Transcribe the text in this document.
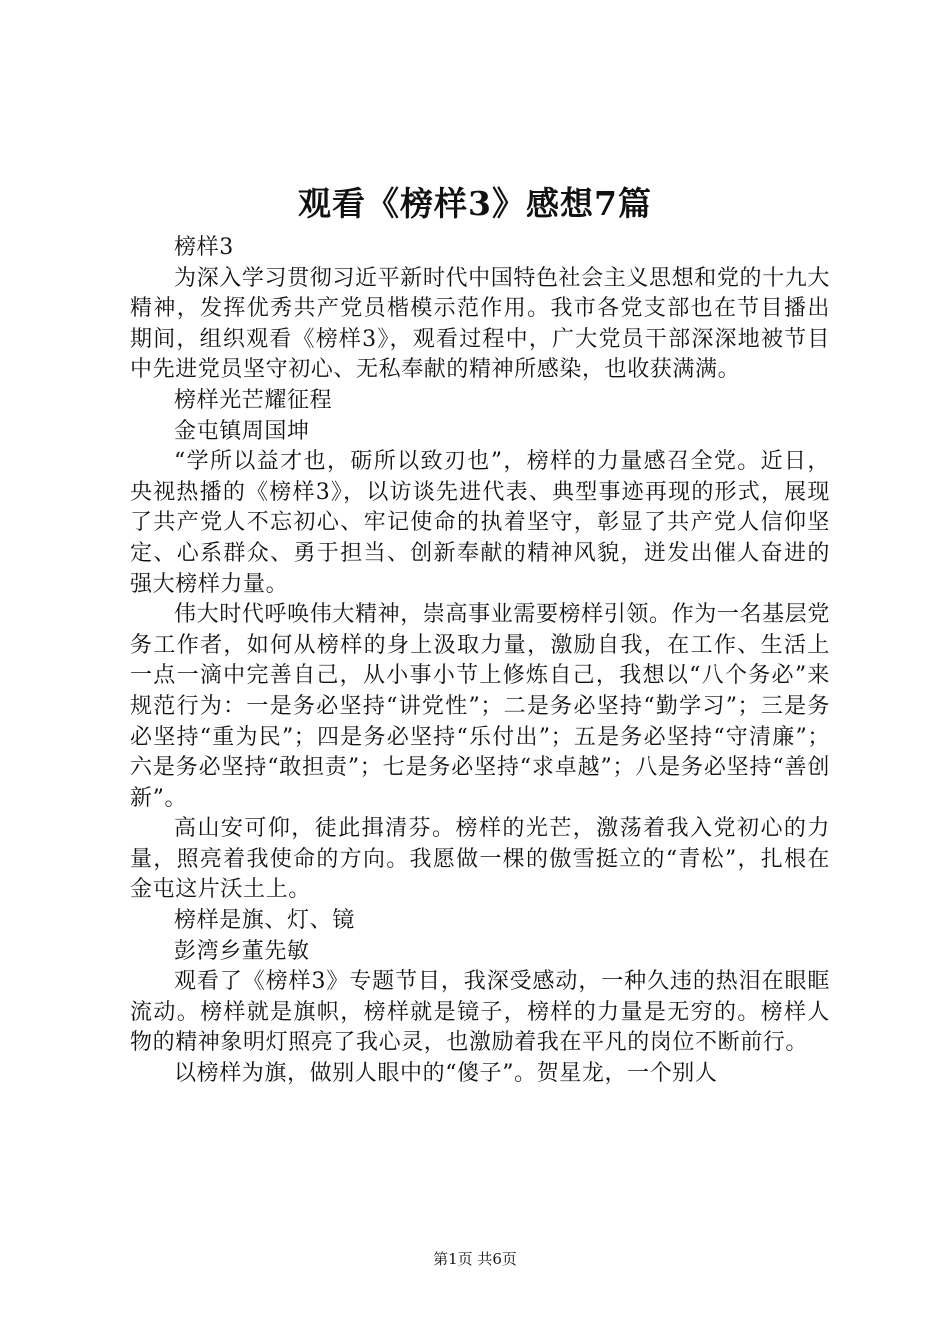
观看《榜样3》感想7篇

榜样3

为深入学习贯彻习近平新时代中国特色社会主义思想和党的十九大精神，发挥优秀共产党员楷模示范作用。我市各党支部也在节目播出期间，组织观看《榜样3》，观看过程中，广大党员干部深深地被节目中先进党员坚守初心、无私奉献的精神所感染，也收获满满。

榜样光芒耀征程

金屯镇周国坤

“学所以益才也，砺所以致刃也”，榜样的力量感召全党。近日，央视热播的《榜样3》，以访谈先进代表、典型事迹再现的形式，展现了共产党人不忘初心、牢记使命的执着坚守，彰显了共产党人信仰坚定、心系群众、勇于担当、创新奉献的精神风貌，迸发出催人奋进的强大榜样力量。

伟大时代呼唤伟大精神，崇高事业需要榜样引领。作为一名基层党务工作者，如何从榜样的身上汲取力量，激励自我，在工作、生活上一点一滴中完善自己，从小事小节上修炼自己，我想以“八个务必”来规范行为：一是务必坚持“讲党性”；二是务必坚持“勤学习”；三是务必坚持“重为民”；四是务必坚持“乐付出”；五是务必坚持“守清廉”；六是务必坚持“敢担责”；七是务必坚持“求卓越”；八是务必坚持“善创新”。

高山安可仰，徒此揖清芬。榜样的光芒，激荡着我入党初心的力量，照亮着我使命的方向。我愿做一棵的傲雪挺立的“青松”，扎根在金屯这片沃土上。

榜样是旗、灯、镜

彭湾乡董先敏

观看了《榜样3》专题节目，我深受感动，一种久违的热泪在眼眶流动。榜样就是旗帜，榜样就是镜子，榜样的力量是无穷的。榜样人物的精神象明灯照亮了我心灵，也激励着我在平凡的岗位不断前行。

以榜样为旗，做别人眼中的“傻子”。贺星龙，一个别人

第1页 共6页
